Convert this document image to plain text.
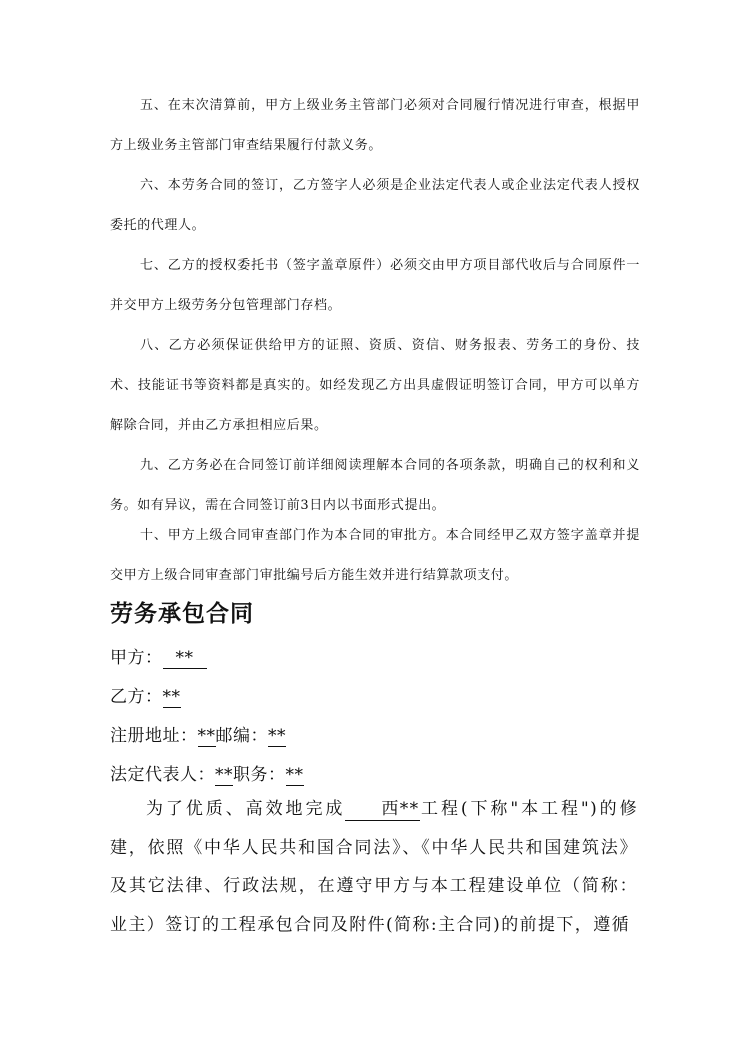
五、在末次清算前，甲方上级业务主管部门必须对合同履行情况进行审查，根据甲方上级业务主管部门审查结果履行付款义务。

六、本劳务合同的签订，乙方签字人必须是企业法定代表人或企业法定代表人授权委托的代理人。

七、乙方的授权委托书（签字盖章原件）必须交由甲方项目部代收后与合同原件一并交甲方上级劳务分包管理部门存档。

八、乙方必须保证供给甲方的证照、资质、资信、财务报表、劳务工的身份、技术、技能证书等资料都是真实的。如经发现乙方出具虚假证明签订合同，甲方可以单方解除合同，并由乙方承担相应后果。

九、乙方务必在合同签订前详细阅读理解本合同的各项条款，明确自己的权利和义务。如有异议，需在合同签订前3日内以书面形式提出。

十、甲方上级合同审查部门作为本合同的审批方。本合同经甲乙双方签字盖章并提交甲方上级合同审查部门审批编号后方能生效并进行结算款项支付。

劳务承包合同
甲方： **
乙方：**
注册地址：**邮编：**
法定代表人：**职务：**

为了优质、高效地完成 西**工程(下称"本工程")的修建，依照《中华人民共和国合同法》、《中华人民共和国建筑法》及其它法律、行政法规，在遵守甲方与本工程建设单位（简称：业主）签订的工程承包合同及附件(简称:主合同)的前提下，遵循
